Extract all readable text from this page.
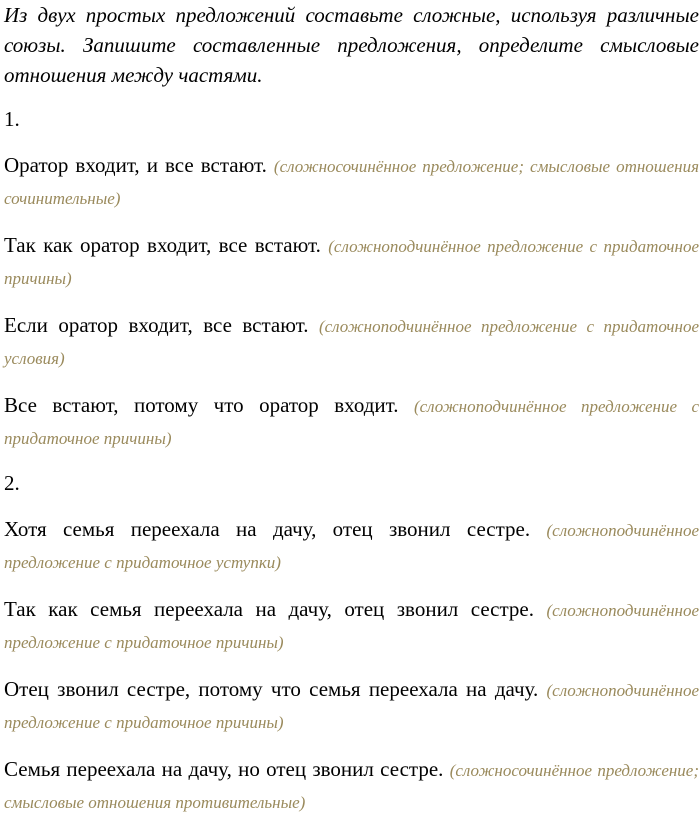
Из двух простых предложений составьте сложные, используя различные союзы. Запишите составленные предложения, определите смысловые отношения между частями.

1.

Оратор входит, и все встают. (сложносочинённое предложение; смысловые отношения сочинительные)

Так как оратор входит, все встают. (сложноподчинённое предложение с придаточное причины)

Если оратор входит, все встают. (сложноподчинённое предложение с придаточное условия)

Все встают, потому что оратор входит. (сложноподчинённое предложение с придаточное причины)

2.

Хотя семья переехала на дачу, отец звонил сестре. (сложноподчинённое предложение с придаточное уступки)

Так как семья переехала на дачу, отец звонил сестре. (сложноподчинённое предложение с придаточное причины)

Отец звонил сестре, потому что семья переехала на дачу. (сложноподчинённое предложение с придаточное причины)

Семья переехала на дачу, но отец звонил сестре. (сложносочинённое предложение; смысловые отношения противительные)
